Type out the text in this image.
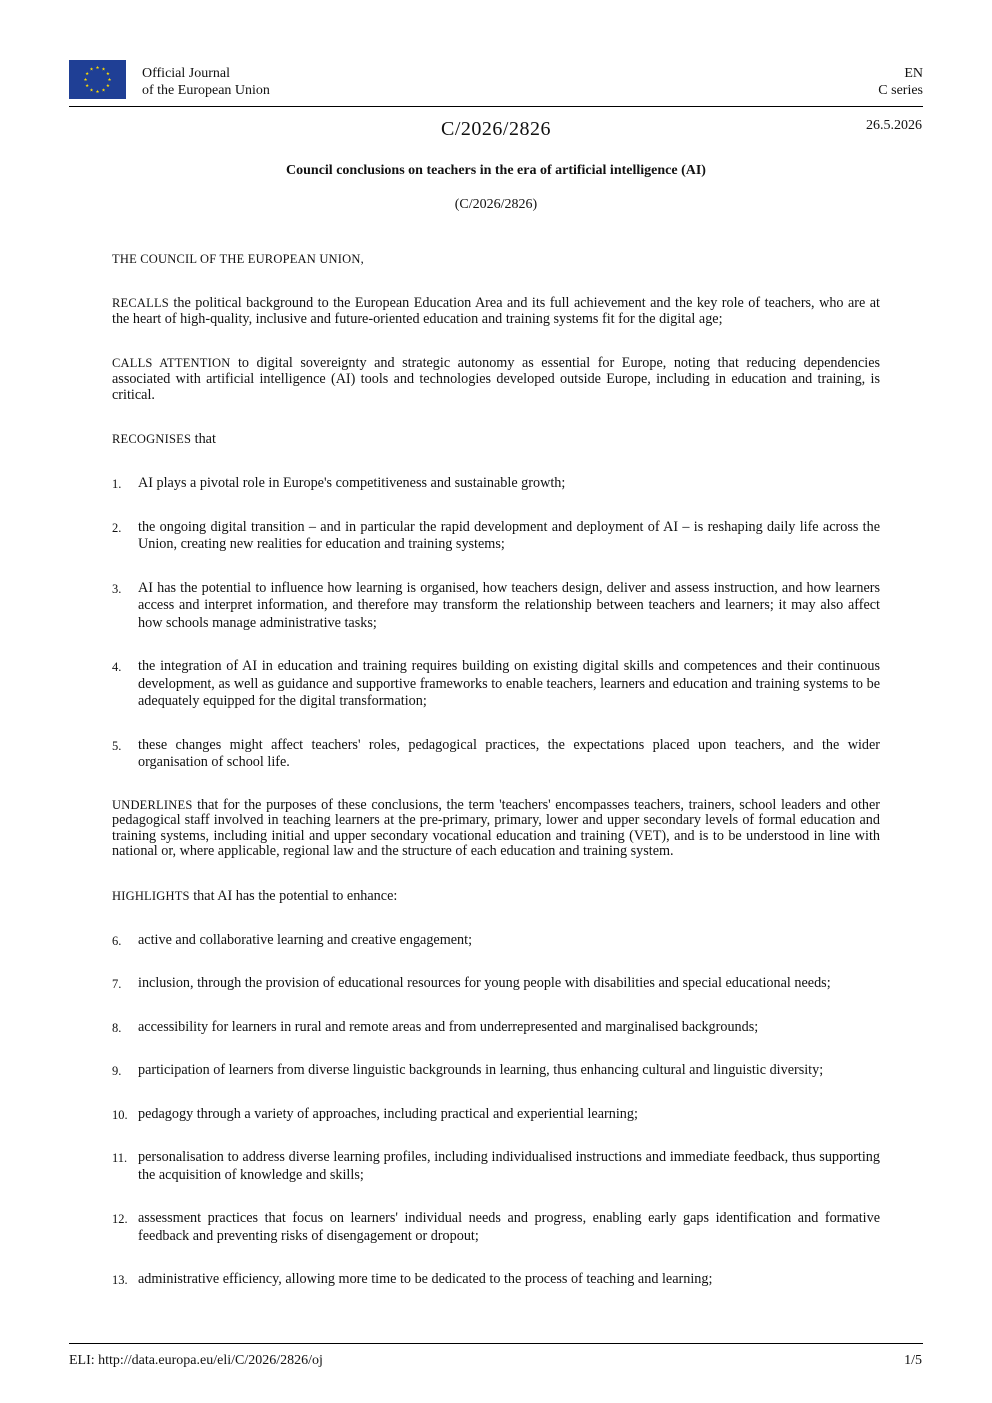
★ ★
★
★
★
★
★
★
★
★
★
★	Official Journal
of the European Union
EN
C series
C/2026/2826	26.5.2026
Council conclusions on teachers in the era of artificial intelligence (AI)
(C/2026/2826)

THE COUNCIL OF THE EUROPEAN UNION,

RECALLS the political background to the European Education Area and its full achievement and the key role of teachers, who are at the heart of high-quality, inclusive and future-oriented education and training systems fit for the digital age;

CALLS ATTENTION to digital sovereignty and strategic autonomy as essential for Europe, noting that reducing dependencies associated with artificial intelligence (AI) tools and technologies developed outside Europe, including in education and training, is critical.

RECOGNISES that

1.	AI plays a pivotal role in Europe's competitiveness and sustainable growth;
2.	the ongoing digital transition – and in particular the rapid development and deployment of AI – is reshaping daily life across the Union, creating new realities for education and training systems;
3.	AI has the potential to influence how learning is organised, how teachers design, deliver and assess instruction, and how learners access and interpret information, and therefore may transform the relationship between teachers and learners; it may also affect how schools manage administrative tasks;
4.	the integration of AI in education and training requires building on existing digital skills and competences and their continuous development, as well as guidance and supportive frameworks to enable teachers, learners and education and training systems to be adequately equipped for the digital transformation;
5.	these changes might affect teachers' roles, pedagogical practices, the expectations placed upon teachers, and the wider organisation of school life.

UNDERLINES that for the purposes of these conclusions, the term 'teachers' encompasses teachers, trainers, school leaders and other pedagogical staff involved in teaching learners at the pre-primary, primary, lower and upper secondary levels of formal education and training systems, including initial and upper secondary vocational education and training (VET), and is to be understood in line with national or, where applicable, regional law and the structure of each education and training system.

HIGHLIGHTS that AI has the potential to enhance:

6.	active and collaborative learning and creative engagement;
7.	inclusion, through the provision of educational resources for young people with disabilities and special educational needs;
8.	accessibility for learners in rural and remote areas and from underrepresented and marginalised backgrounds;
9.	participation of learners from diverse linguistic backgrounds in learning, thus enhancing cultural and linguistic diversity;
10. pedagogy through a variety of approaches, including practical and experiential learning;
11. personalisation to address diverse learning profiles, including individualised instructions and immediate feedback, thus supporting the acquisition of knowledge and skills;
12. assessment practices that focus on learners' individual needs and progress, enabling early gaps identification and formative feedback and preventing risks of disengagement or dropout;
13. administrative efficiency, allowing more time to be dedicated to the process of teaching and learning;
ELI: http://data.europa.eu/eli/C/2026/2826/oj	1/5
